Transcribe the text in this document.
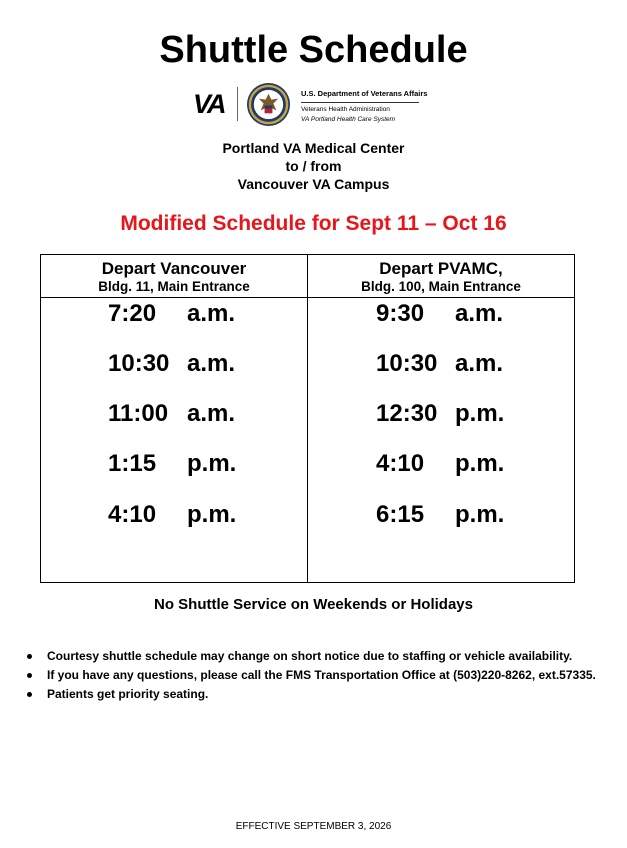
Shuttle Schedule
VA	U.S. Department of Veterans Affairs
Veterans Health Administration
VA Portland Health Care System
Portland VA Medical Center
to / from
Vancouver VA Campus
Modified Schedule for Sept 11 – Oct 16
Depart Vancouver
Bldg. 11, Main Entrance
7:20 a.m.
10:30 a.m.
11:00 a.m.
1:15 p.m.
4:10 p.m.
Depart PVAMC,
Bldg. 100, Main Entrance
9:30 a.m.
10:30 a.m.
12:30 p.m.
4:10 p.m.
6:15 p.m.
No Shuttle Service on Weekends or Holidays
Courtesy shuttle schedule may change on short notice due to staffing or vehicle availability.
If you have any questions, please call the FMS Transportation Office at (503)220-8262, ext.57335.
Patients get priority seating.
EFFECTIVE SEPTEMBER 3, 2026
